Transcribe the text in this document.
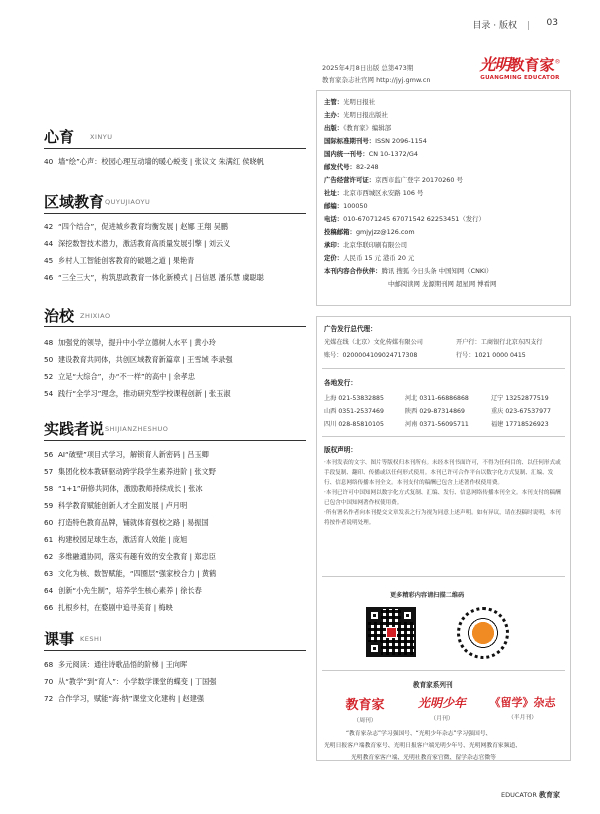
目录 · 版权 |	03
2025年4月8日出版 总第473期
教育家杂志社官网 http://jyj.gmw.cn
光明教育家®
GUANGMING EDUCATOR
心育 XINYU
40 墙“绘”心声：校园心理互动墙的暖心蜕变 | 张议文 朱满红 侯晓帆
区域教育 QUYUJIAOYU
42 “四个结合”，促进城乡教育均衡发展 | 赵娜 王翔 吴鹏
44 深挖数智技术潜力，激活教育高质量发展引擎 | 刘云义
45 乡村人工智能创客教育的破题之道 | 果艳青
46 “三全三大”，构筑思政教育一体化新模式 | 吕信恩 潘乐慧 虞聪聪
治校 ZHIXIAO
48 加强党的领导，提升中小学立德树人水平 | 黄小玲
50 建设教育共同体，共创区域教育新篇章 | 王雪域 李录强
52 立足“大综合”，办“不一样”的高中 | 余孝忠
54 践行“全学习”理念，推动研究型学校课程创新 | 张玉淑
实践者说 SHIJIANZHESHUO
56 AI“破壁”项目式学习，解锁育人新密码 | 吕玉卿
57 集团化校本教研驱动跨学段学生素养进阶 | 张文野
58 “1+1”研修共同体，激励教师持续成长 | 张冰
59 科学教育赋能创新人才全面发展 | 卢月明
60 打造特色教育品牌，铺就体育强校之路 | 易振国
61 构建校园足球生态，激活育人效能 | 庞旭
62 多维融通协同，落实有趣有效的安全教育 | 郑忠臣
63 文化为核、数智赋能，“四圈层”强家校合力 | 黄鹤
64 创新“小先生制”，培养学生核心素养 | 徐长春
66 扎根乡村，在婺剧中追寻美育 | 梅映
课事 KESHI
68 多元阅读：通往诗歌品悟的阶梯 | 王向晖
70 从“教学”到“育人”：小学数学课堂的蝶变 | 丁国强
72 合作学习，赋能“海·纳”课堂文化建构 | 赵建强
主管：光明日报社
主办：光明日报出版社
出版：《教育家》编辑部
国际标准期刊号：ISSN 2096-1154
国内统一刊号：CN 10-1372/G4
邮发代号：82-248
广告经营许可证：京西市监广登字 20170260 号
社址：北京市西城区永安路 106 号
邮编：100050
电话：010-67071245 67071542 62253451（发行）
投稿邮箱：gmjyjzz@126.com
承印：北京华联印刷有限公司
定价：人民币 15 元 港币 20 元
本刊内容合作伙伴：腾讯 搜狐 今日头条 中国知网（CNKI）
中邮阅读网 龙源期刊网 超星网 博看网
广告发行总代理：
光媒在线（北京）文化传媒有限公司
账号：0200004109024717308
开户行：工商银行北京东四支行
行号：1021 0000 0415
各地发行：
上海 021-53832885	河北 0311-66886868	辽宁 13252877519
山西 0351-2537469	陕西 029-87314869	重庆 023-67537977
四川 028-85810105	河南 0371-56095711	福建 17718526923
版权声明：

·本刊发表的文字、图片等版权归本刊所有。未经本刊书面许可，不得为任何目的、以任何形式或手段复制、翻印、传播或以任何形式使用。本刊已许可合作平台以数字化方式复制、汇编、发行、信息网络传播本刊全文。本刊支付的稿酬已包含上述著作权使用费。

·本刊已许可中国知网以数字化方式复制、汇编、发行、信息网络传播本刊全文。本刊支付的稿酬已包含中国知网著作权使用费。

·所有署名作者向本刊提交文章发表之行为视为同意上述声明。如有异议，请在投稿时说明，本刊将按作者说明处理。

更多精彩内容请扫描二维码
教育家系列刊
教育家
（周刊）
光明少年
（月刊）
《留学》杂志
（半月刊）
“教育家杂志”学习强国号、“光明少年杂志”学习强国号、
光明日报客户端教育家号、光明日报客户端光明少年号、光明网教育家频道、
光明教育家客户端、光明社教育家官微、留学杂志官微等
EDUCATOR 教育家
